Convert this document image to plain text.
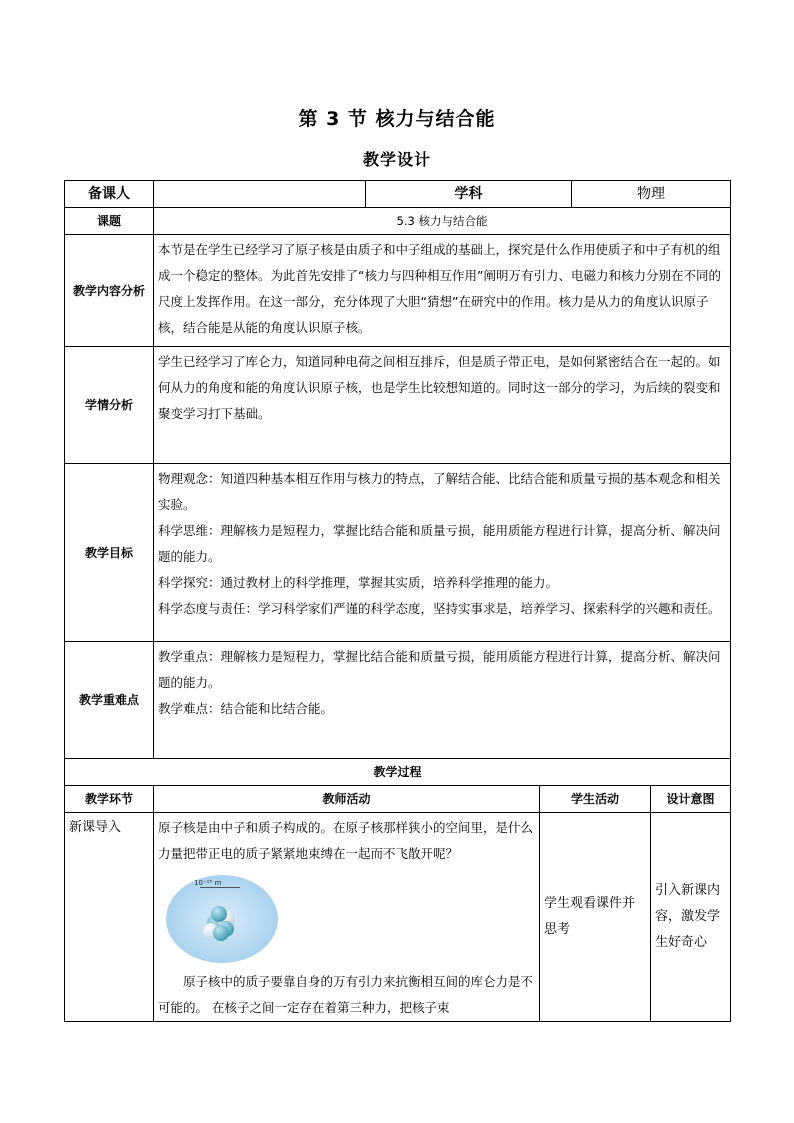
第 3 节 核力与结合能
教学设计
备课人		学科		物理	
课题	5.3 核力与结合能				
教学内容分析	本节是在学生已经学习了原子核是由质子和中子组成的基础上，探究是什么作用使质子和中子有机的组成一个稳定的整体。为此首先安排了“核力与四种相互作用”阐明万有引力、电磁力和核力分别在不同的尺度上发挥作用。在这一部分，充分体现了大胆“猜想”在研究中的作用。核力是从力的角度认识原子核，结合能是从能的角度认识原子核。				

学情分析	学生已经学习了库仑力，知道同种电荷之间相互排斥，但是质子带正电，是如何紧密结合在一起的。如何从力的角度和能的角度认识原子核，也是学生比较想知道的。同时这一部分的学习，为后续的裂变和聚变学习打下基础。				

教学目标	物理观念：知道四种基本相互作用与核力的特点，了解结合能、比结合能和质量亏损的基本观念和相关实验。

科学思维：理解核力是短程力，掌握比结合能和质量亏损，能用质能方程进行计算，提高分析、解决问题的能力。

科学探究：通过教材上的科学推理，掌握其实质，培养科学推理的能力。

科学态度与责任：学习科学家们严谨的科学态度，坚持实事求是，培养学习、探索科学的兴趣和责任。				

教学重难点	教学重点：理解核力是短程力，掌握比结合能和质量亏损，能用质能方程进行计算，提高分析、解决问题的能力。

教学难点：结合能和比结合能。				

教学过程					
教学环节	教师活动		学生活动		设计意图
新课导入	原子核是由中子和质子构成的。在原子核那样狭小的空间里，是什么力量把带正电的质子紧紧地束缚在一起而不飞散开呢？

10⁻¹⁵ m

原子核中的质子要靠自身的万有引力来抗衡相互间的库仑力是不可能的。 在核子之间一定存在着第三种力，把核子束		学生观看课件并思考		引入新课内容，激发学生好奇心
